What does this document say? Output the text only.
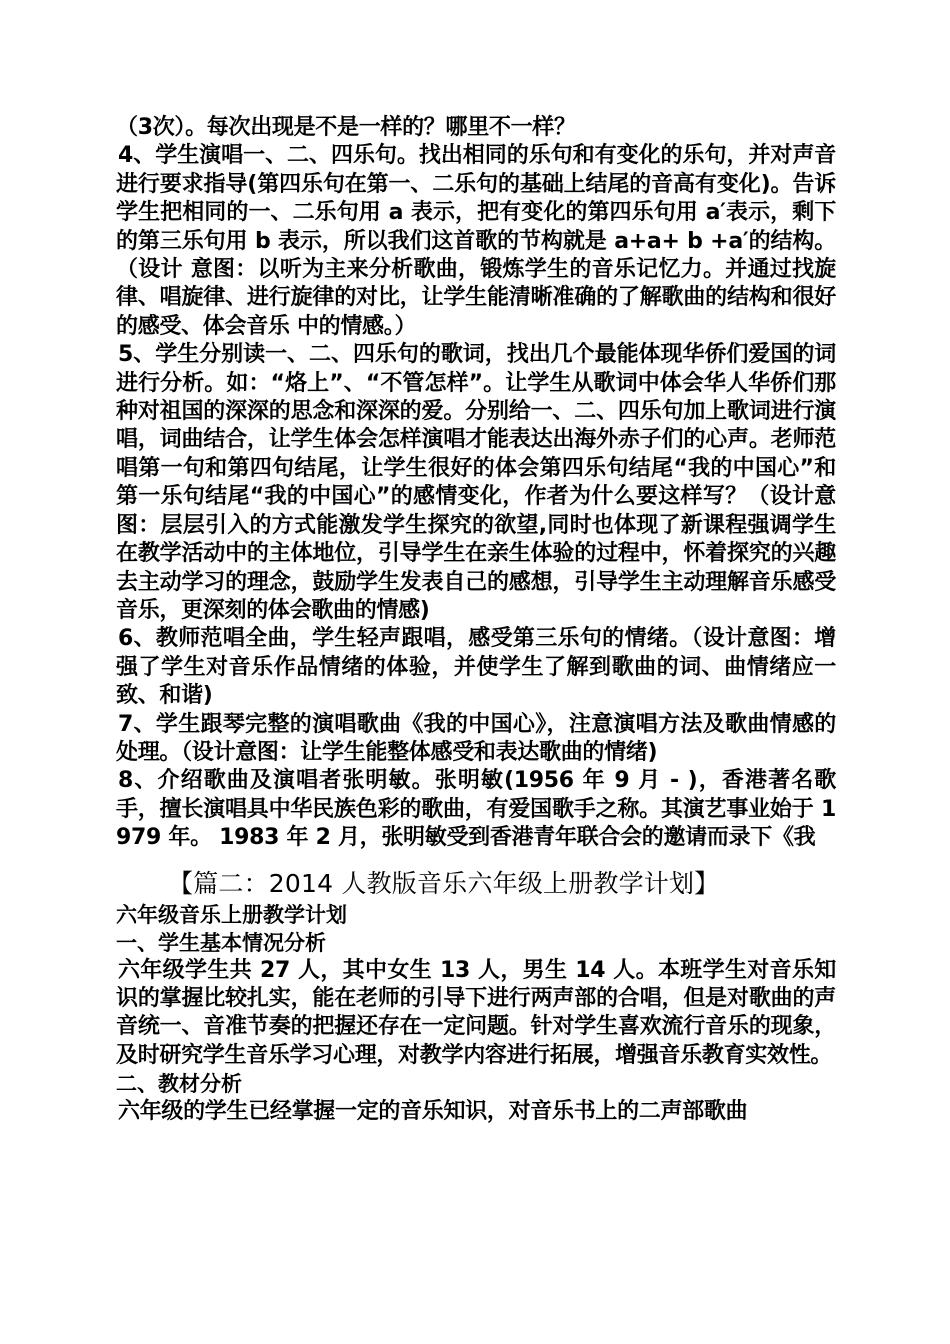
（3次）。每次出现是不是一样的？哪里不一样？

4、学生演唱一、二、四乐句。找出相同的乐句和有变化的乐句，并对声音进行要求指导(第四乐句在第一、二乐句的基础上结尾的音高有变化)。告诉学生把相同的一、二乐句用 a 表示，把有变化的第四乐句用 a′表示，剩下的第三乐句用 b 表示，所以我们这首歌的节构就是 a+a+ b +a′的结构。（设计 意图：以听为主来分析歌曲，锻炼学生的音乐记忆力。并通过找旋律、唱旋律、进行旋律的对比，让学生能清晰准确的了解歌曲的结构和很好的感受、体会音乐 中的情感。）

5、学生分别读一、二、四乐句的歌词，找出几个最能体现华侨们爱国的词进行分析。如：“烙上”、“不管怎样”。让学生从歌词中体会华人华侨们那种对祖国的深深的思念和深深的爱。分别给一、二、四乐句加上歌词进行演唱，词曲结合，让学生体会怎样演唱才能表达出海外赤子们的心声。老师范唱第一句和第四句结尾，让学生很好的体会第四乐句结尾“我的中国心”和第一乐句结尾“我的中国心”的感情变化，作者为什么要这样写？（设计意图：层层引入的方式能激发学生探究的欲望,同时也体现了新课程强调学生在教学活动中的主体地位，引导学生在亲生体验的过程中，怀着探究的兴趣去主动学习的理念，鼓励学生发表自己的感想，引导学生主动理解音乐感受音乐，更深刻的体会歌曲的情感)

6、教师范唱全曲，学生轻声跟唱，感受第三乐句的情绪。（设计意图：增强了学生对音乐作品情绪的体验，并使学生了解到歌曲的词、曲情绪应一致、和谐)

7、学生跟琴完整的演唱歌曲《我的中国心》，注意演唱方法及歌曲情感的处理。（设计意图：让学生能整体感受和表达歌曲的情绪)

8、介绍歌曲及演唱者张明敏。张明敏(1956 年 9 月 - )，香港著名歌手，擅长演唱具中华民族色彩的歌曲，有爱国歌手之称。其演艺事业始于 1979 年。 1983 年 2 月，张明敏受到香港青年联合会的邀请而录下《我

【篇二：2014 人教版音乐六年级上册教学计划】

六年级音乐上册教学计划

一、学生基本情况分析

六年级学生共 27 人，其中女生 13 人，男生 14 人。本班学生对音乐知识的掌握比较扎实，能在老师的引导下进行两声部的合唱，但是对歌曲的声音统一、音准节奏的把握还存在一定问题。针对学生喜欢流行音乐的现象，及时研究学生音乐学习心理，对教学内容进行拓展，增强音乐教育实效性。

二、教材分析

六年级的学生已经掌握一定的音乐知识，对音乐书上的二声部歌曲
